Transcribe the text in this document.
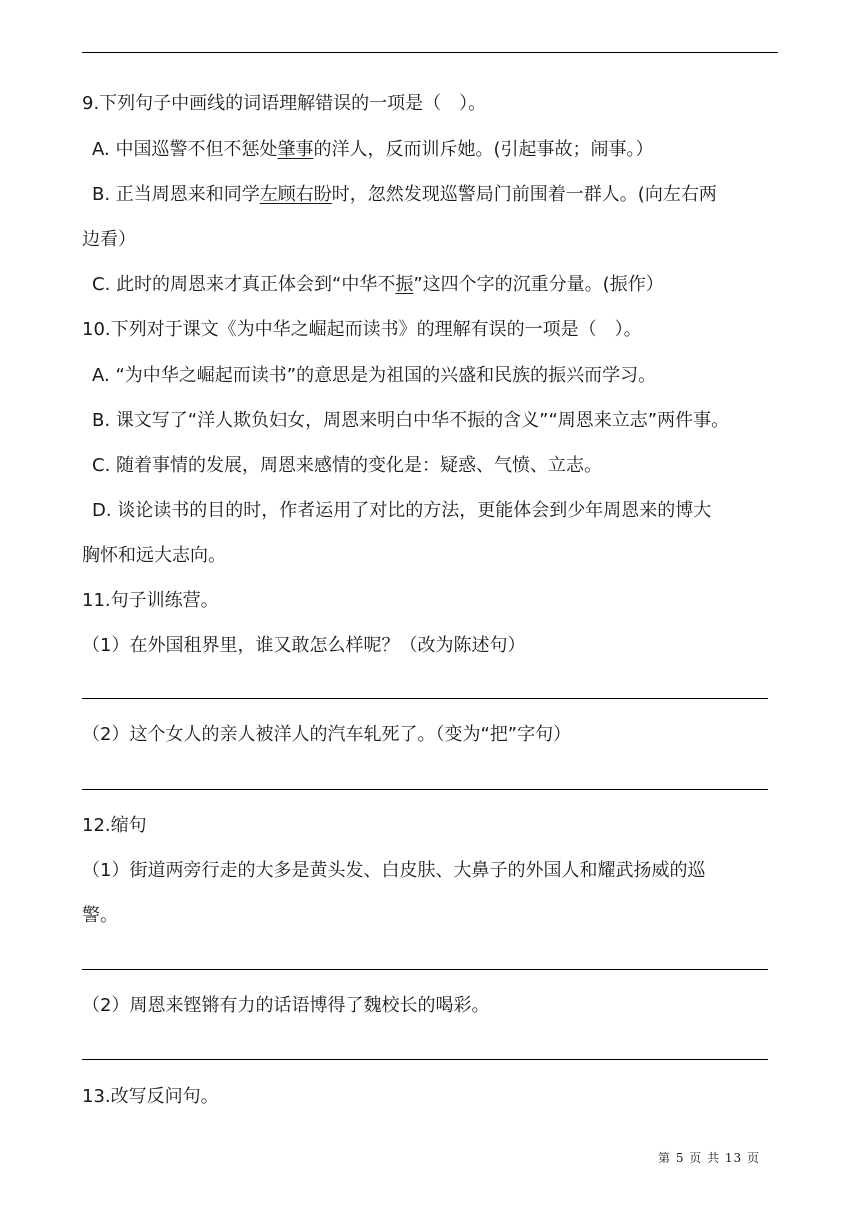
9.下列句子中画线的词语理解错误的一项是（　）。
A. 中国巡警不但不惩处肇事的洋人，反而训斥她。(引起事故；闹事。）
B. 正当周恩来和同学左顾右盼时，忽然发现巡警局门前围着一群人。(向左右两
边看）
C. 此时的周恩来才真正体会到“中华不振”这四个字的沉重分量。(振作）
10.下列对于课文《为中华之崛起而读书》的理解有误的一项是（　）。
A. “为中华之崛起而读书”的意思是为祖国的兴盛和民族的振兴而学习。
B. 课文写了“洋人欺负妇女，周恩来明白中华不振的含义”“周恩来立志”两件事。
C. 随着事情的发展，周恩来感情的变化是：疑惑、气愤、立志。
D. 谈论读书的目的时，作者运用了对比的方法，更能体会到少年周恩来的博大
胸怀和远大志向。
11.句子训练营。
（1）在外国租界里，谁又敢怎么样呢？（改为陈述句）
（2）这个女人的亲人被洋人的汽车轧死了。（变为“把”字句）
12.缩句
（1）街道两旁行走的大多是黄头发、白皮肤、大鼻子的外国人和耀武扬威的巡
警。
（2）周恩来铿锵有力的话语博得了魏校长的喝彩。
13.改写反问句。
第 5 页 共 13 页
